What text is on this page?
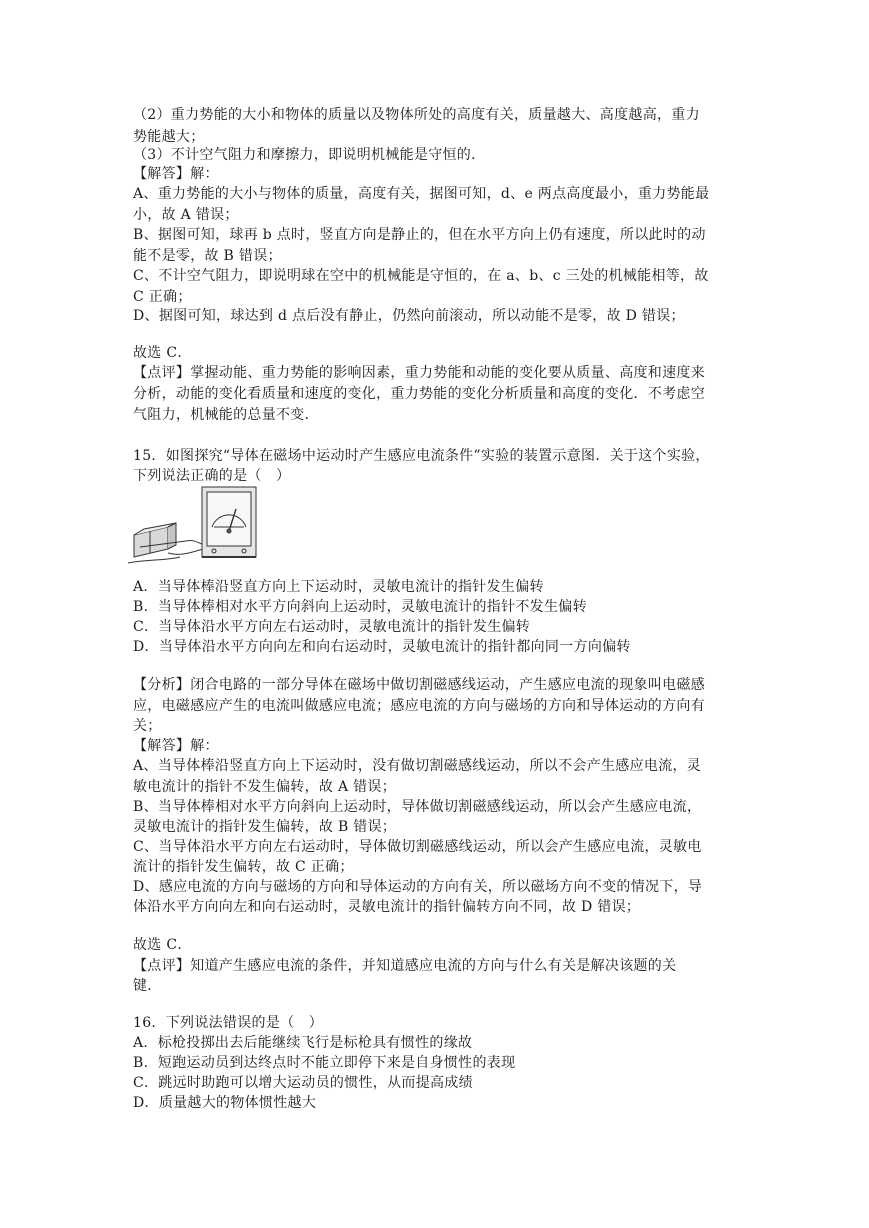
（2）重力势能的大小和物体的质量以及物体所处的高度有关，质量越大、高度越高，重力
势能越大；
（3）不计空气阻力和摩擦力，即说明机械能是守恒的．
【解答】解：
A、重力势能的大小与物体的质量，高度有关，据图可知，d、e 两点高度最小，重力势能最
小，故 A 错误；
B、据图可知，球再 b 点时，竖直方向是静止的，但在水平方向上仍有速度，所以此时的动
能不是零，故 B 错误；
C、不计空气阻力，即说明球在空中的机械能是守恒的，在 a、b、c 三处的机械能相等，故
C 正确；
D、据图可知，球达到 d 点后没有静止，仍然向前滚动，所以动能不是零，故 D 错误；
故选 C．
【点评】掌握动能、重力势能的影响因素，重力势能和动能的变化要从质量、高度和速度来
分析，动能的变化看质量和速度的变化，重力势能的变化分析质量和高度的变化．不考虑空
气阻力，机械能的总量不变．
15．如图探究“导体在磁场中运动时产生感应电流条件”实验的装置示意图．关于这个实验，
下列说法正确的是（　）
A．当导体棒沿竖直方向上下运动时，灵敏电流计的指针发生偏转
B．当导体棒相对水平方向斜向上运动时，灵敏电流计的指针不发生偏转
C．当导体沿水平方向左右运动时，灵敏电流计的指针发生偏转
D．当导体沿水平方向向左和向右运动时，灵敏电流计的指针都向同一方向偏转
【分析】闭合电路的一部分导体在磁场中做切割磁感线运动，产生感应电流的现象叫电磁感
应，电磁感应产生的电流叫做感应电流；感应电流的方向与磁场的方向和导体运动的方向有
关；
【解答】解：
A、当导体棒沿竖直方向上下运动时，没有做切割磁感线运动，所以不会产生感应电流，灵
敏电流计的指针不发生偏转，故 A 错误；
B、当导体棒相对水平方向斜向上运动时，导体做切割磁感线运动，所以会产生感应电流，
灵敏电流计的指针发生偏转，故 B 错误；
C、当导体沿水平方向左右运动时，导体做切割磁感线运动，所以会产生感应电流，灵敏电
流计的指针发生偏转，故 C 正确；
D、感应电流的方向与磁场的方向和导体运动的方向有关，所以磁场方向不变的情况下，导
体沿水平方向向左和向右运动时，灵敏电流计的指针偏转方向不同，故 D 错误；
故选 C．
【点评】知道产生感应电流的条件，并知道感应电流的方向与什么有关是解决该题的关
键．
16．下列说法错误的是（　）
A．标枪投掷出去后能继续飞行是标枪具有惯性的缘故
B．短跑运动员到达终点时不能立即停下来是自身惯性的表现
C．跳远时助跑可以增大运动员的惯性，从而提高成绩
D．质量越大的物体惯性越大
